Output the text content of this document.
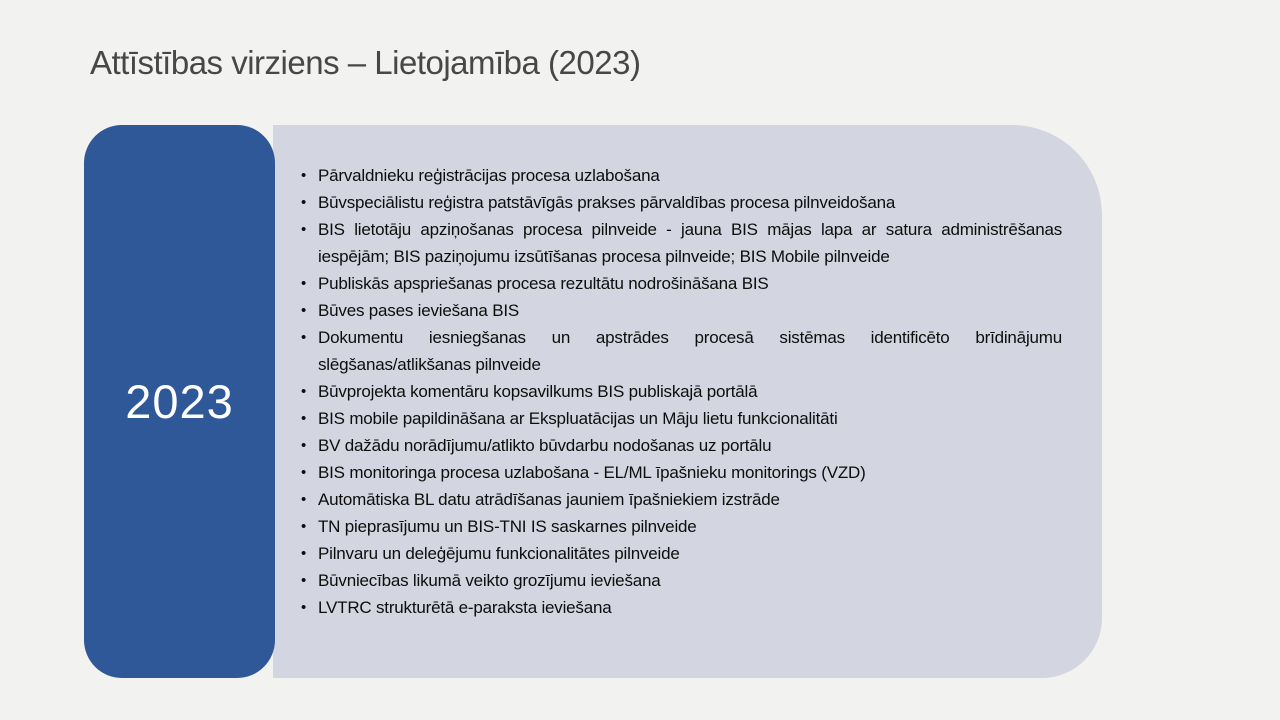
Attīstības virziens – Lietojamība (2023)
2023
• Pārvaldnieku reģistrācijas procesa uzlabošana
• Būvspeciālistu reģistra patstāvīgās prakses pārvaldības procesa pilnveidošana
• BIS lietotāju apziņošanas procesa pilnveide - jauna BIS mājas lapa ar satura administrēšanas iespējām; BIS paziņojumu izsūtīšanas procesa pilnveide; BIS Mobile pilnveide
• Publiskās apspriešanas procesa rezultātu nodrošināšana BIS
• Būves pases ieviešana BIS
• Dokumentu iesniegšanas un apstrādes procesā sistēmas identificēto brīdinājumu slēgšanas/atlikšanas pilnveide
• Būvprojekta komentāru kopsavilkums BIS publiskajā portālā
• BIS mobile papildināšana ar Ekspluatācijas un Māju lietu funkcionalitāti
• BV dažādu norādījumu/atlikto būvdarbu nodošanas uz portālu
• BIS monitoringa procesa uzlabošana - EL/ML īpašnieku monitorings (VZD)
• Automātiska BL datu atrādīšanas jauniem īpašniekiem izstrāde
• TN pieprasījumu un BIS-TNI IS saskarnes pilnveide
• Pilnvaru un deleģējumu funkcionalitātes pilnveide
• Būvniecības likumā veikto grozījumu ieviešana
• LVTRC strukturētā e-paraksta ieviešana
